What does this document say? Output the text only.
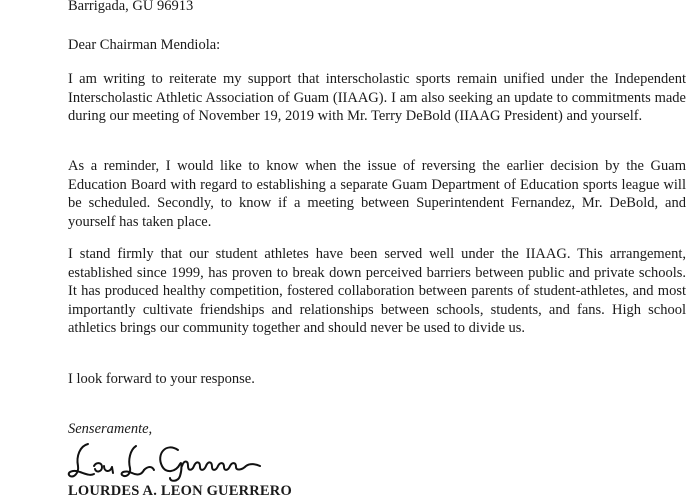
Barrigada, GU 96913
Dear Chairman Mendiola:
I am writing to reiterate my support that interscholastic sports remain unified under the Independent Interscholastic Athletic Association of Guam (IIAAG). I am also seeking an update to commitments made during our meeting of November 19, 2019 with Mr. Terry DeBold (IIAAG President) and yourself.
As a reminder, I would like to know when the issue of reversing the earlier decision by the Guam Education Board with regard to establishing a separate Guam Department of Education sports league will be scheduled. Secondly, to know if a meeting between Superintendent Fernandez, Mr. DeBold, and yourself has taken place.
I stand firmly that our student athletes have been served well under the IIAAG. This arrangement, established since 1999, has proven to break down perceived barriers between public and private schools. It has produced healthy competition, fostered collaboration between parents of student-athletes, and most importantly cultivate friendships and relationships between schools, students, and fans. High school athletics brings our community together and should never be used to divide us.
I look forward to your response.
Senseramente,
LOURDES A. LEON GUERRERO
